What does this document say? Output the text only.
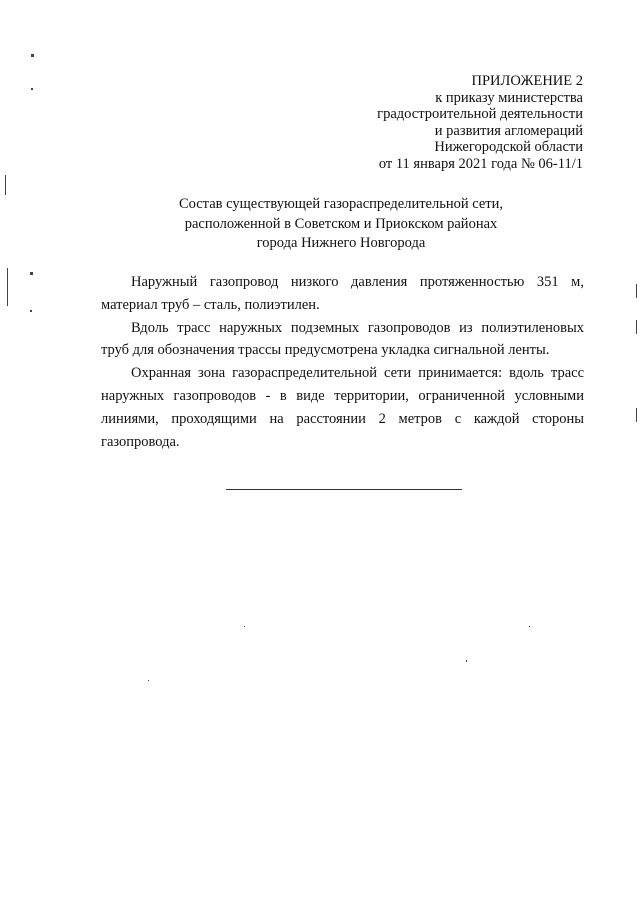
ПРИЛОЖЕНИЕ 2
к приказу министерства
градостроительной деятельности
и развития агломераций
Нижегородской области
от 11 января 2021 года № 06-11/1
Состав существующей газораспределительной сети,
расположенной в Советском и Приокском районах
города Нижнего Новгорода

Наружный газопровод низкого давления протяженностью 351 м, материал труб – сталь, полиэтилен.

Вдоль трасс наружных подземных газопроводов из полиэтиленовых труб для обозначения трассы предусмотрена укладка сигнальной ленты.

Охранная зона газораспределительной сети принимается: вдоль трасс наружных газопроводов - в виде территории, ограниченной условными линиями, проходящими на расстоянии 2 метров с каждой стороны газопровода.
